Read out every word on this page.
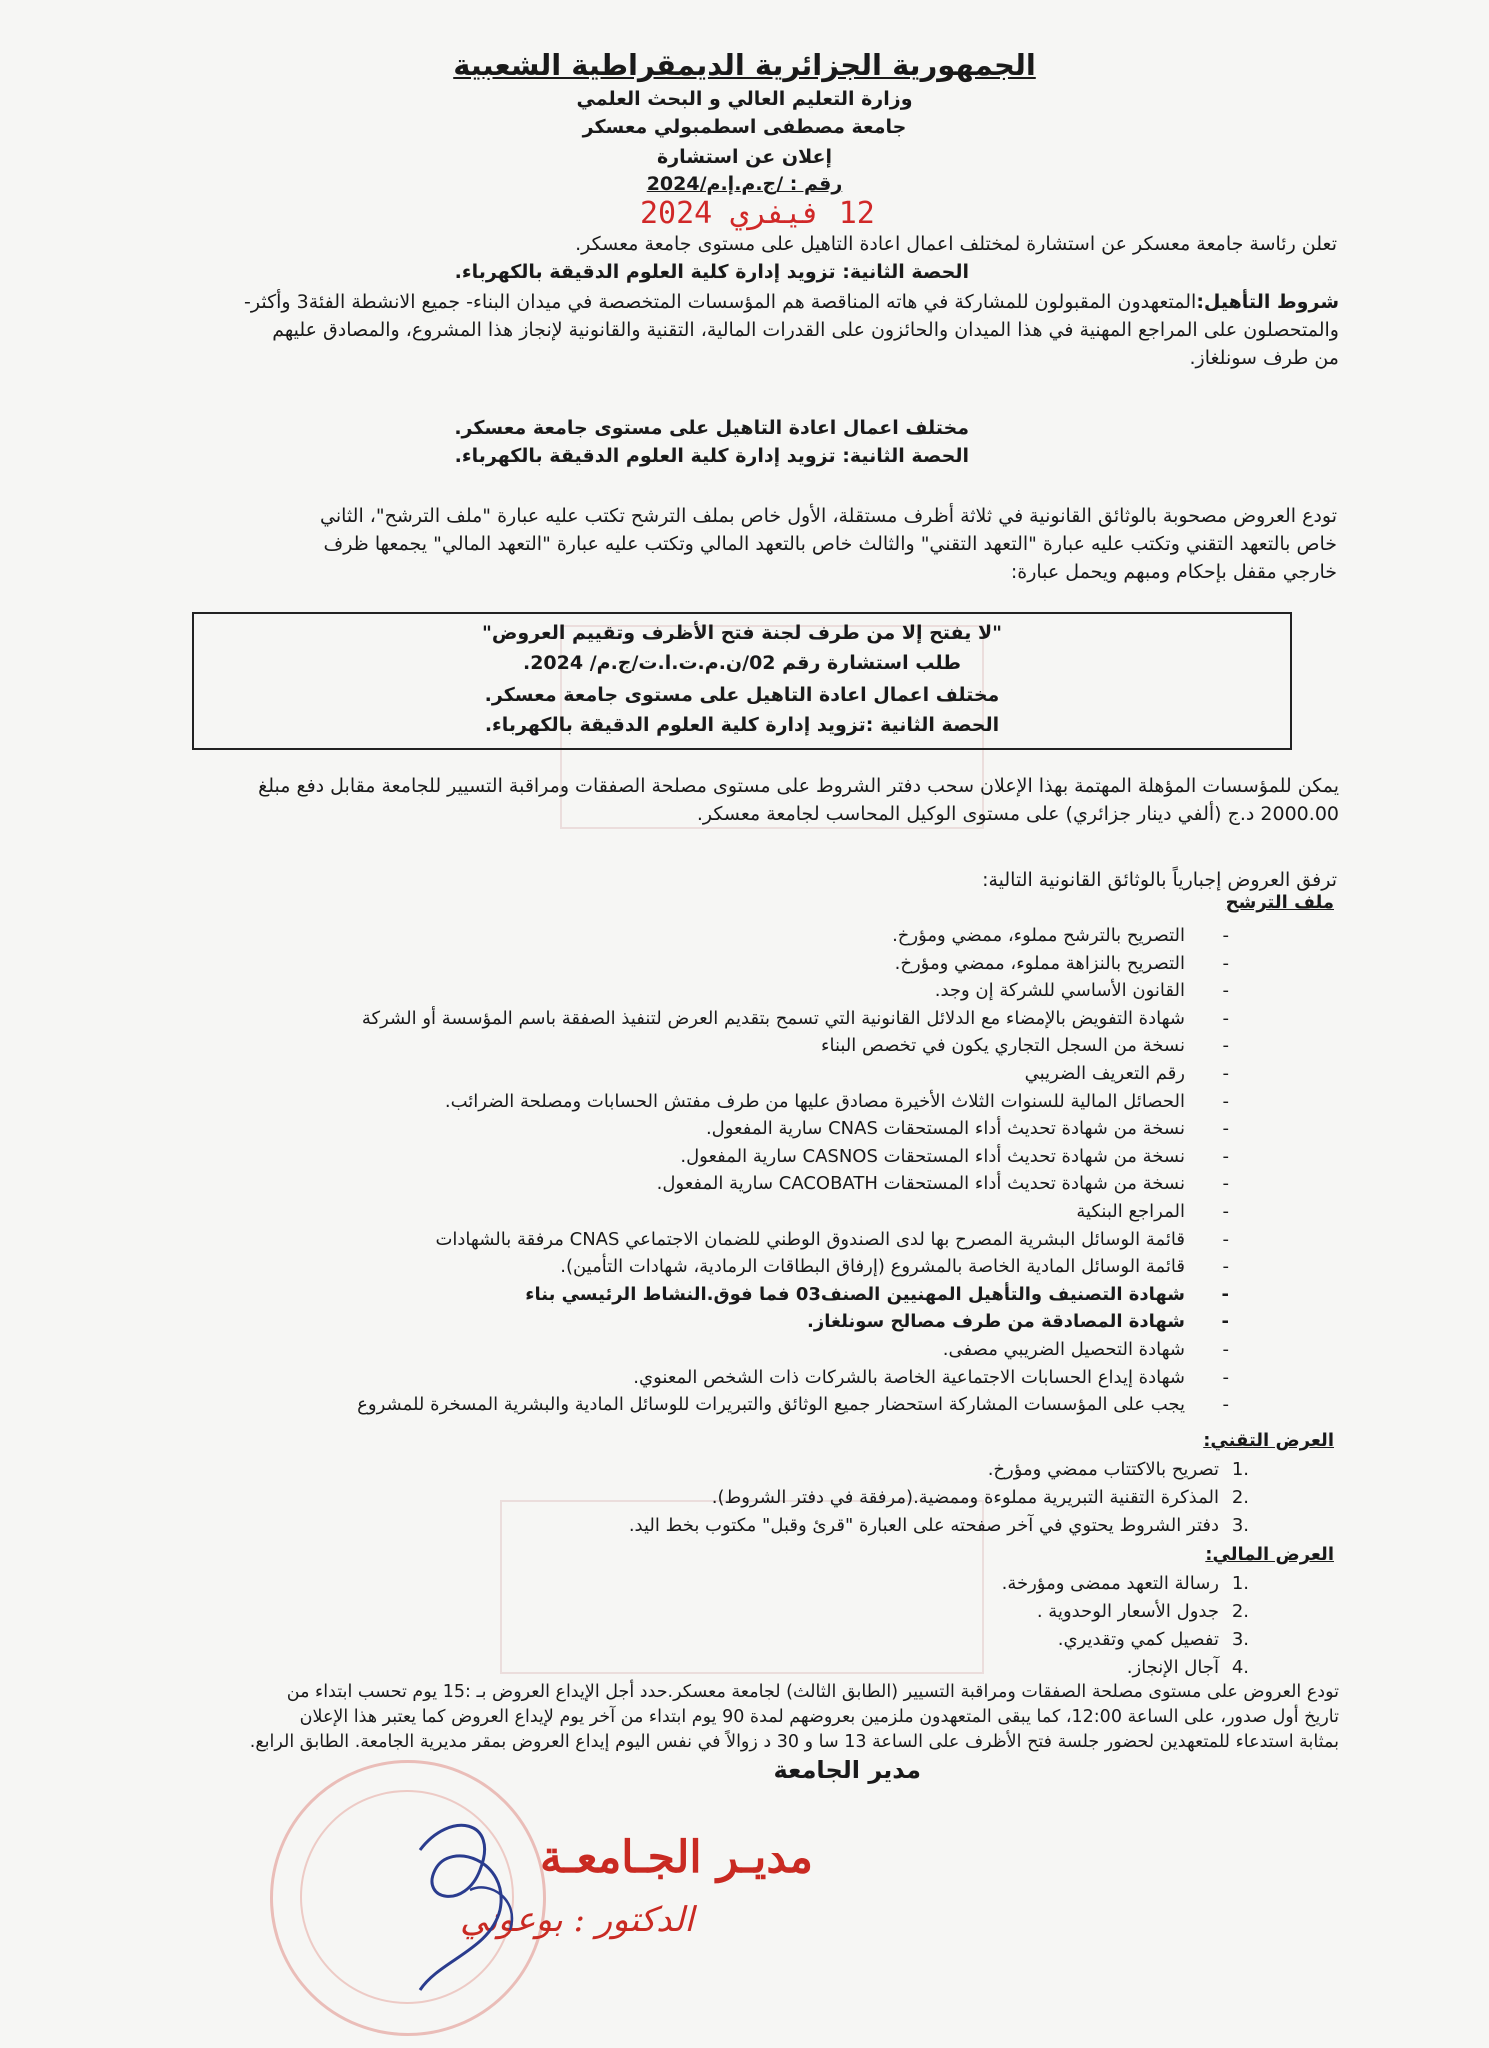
الجمهورية الجزائرية الديمقراطية الشعبية
وزارة التعليم العالي و البحث العلمي
جامعة مصطفى اسطمبولي معسكر
إعلان عن استشارة
رقم : /ج.م.إ.م/2024
12 فيفري 2024
تعلن رئاسة جامعة معسكر عن استشارة لمختلف اعمال اعادة التاهيل على مستوى جامعة معسكر.
الحصة الثانية: تزويد إدارة كلية العلوم الدقيقة بالكهرباء.
شروط التأهيل:المتعهدون المقبولون للمشاركة في هاته المناقصة هم المؤسسات المتخصصة في ميدان البناء- جميع الانشطة الفئة3 وأكثر-
والمتحصلون على المراجع المهنية في هذا الميدان والحائزون على القدرات المالية، التقنية والقانونية لإنجاز هذا المشروع، والمصادق عليهم
من طرف سونلغاز.
مختلف اعمال اعادة التاهيل على مستوى جامعة معسكر.
الحصة الثانية: تزويد إدارة كلية العلوم الدقيقة بالكهرباء.
تودع العروض مصحوبة بالوثائق القانونية في ثلاثة أظرف مستقلة، الأول خاص بملف الترشح تكتب عليه عبارة "ملف الترشح"، الثاني
خاص بالتعهد التقني وتكتب عليه عبارة "التعهد التقني" والثالث خاص بالتعهد المالي وتكتب عليه عبارة "التعهد المالي" يجمعها ظرف
خارجي مقفل بإحكام ومبهم ويحمل عبارة:
"لا يفتح إلا من طرف لجنة فتح الأظرف وتقييم العروض"
طلب استشارة رقم 02/ن.م.ت.ا.ت/ج.م/ 2024.
مختلف اعمال اعادة التاهيل على مستوى جامعة معسكر.
الحصة الثانية :تزويد إدارة كلية العلوم الدقيقة بالكهرباء.
يمكن للمؤسسات المؤهلة المهتمة بهذا الإعلان سحب دفتر الشروط على مستوى مصلحة الصفقات ومراقبة التسيير للجامعة مقابل دفع مبلغ
2000.00 د.ج (ألفي دينار جزائري) على مستوى الوكيل المحاسب لجامعة معسكر.
ترفق العروض إجبارياً بالوثائق القانونية التالية:
ملف الترشح
- التصريح بالترشح مملوء، ممضي ومؤرخ.
- التصريح بالنزاهة مملوء، ممضي ومؤرخ.
- القانون الأساسي للشركة إن وجد.
- شهادة التفويض بالإمضاء مع الدلائل القانونية التي تسمح بتقديم العرض لتنفيذ الصفقة باسم المؤسسة أو الشركة
- نسخة من السجل التجاري يكون في تخصص البناء
- رقم التعريف الضريبي
- الحصائل المالية للسنوات الثلاث الأخيرة مصادق عليها من طرف مفتش الحسابات ومصلحة الضرائب.
- نسخة من شهادة تحديث أداء المستحقات CNAS سارية المفعول.
- نسخة من شهادة تحديث أداء المستحقات CASNOS سارية المفعول.
- نسخة من شهادة تحديث أداء المستحقات CACOBATH سارية المفعول.
- المراجع البنكية
- قائمة الوسائل البشرية المصرح بها لدى الصندوق الوطني للضمان الاجتماعي CNAS مرفقة بالشهادات
- قائمة الوسائل المادية الخاصة بالمشروع (إرفاق البطاقات الرمادية، شهادات التأمين).
- شهادة التصنيف والتأهيل المهنيين الصنف03 فما فوق.النشاط الرئيسي بناء
- شهادة المصادقة من طرف مصالح سونلغاز.
- شهادة التحصيل الضريبي مصفى.
- شهادة إيداع الحسابات الاجتماعية الخاصة بالشركات ذات الشخص المعنوي.
- يجب على المؤسسات المشاركة استحضار جميع الوثائق والتبريرات للوسائل المادية والبشرية المسخرة للمشروع
العرض التقني:
.1
تصريح بالاكتتاب ممضي ومؤرخ.
.2
المذكرة التقنية التبريرية مملوءة وممضية.(مرفقة في دفتر الشروط).
.3
دفتر الشروط يحتوي في آخر صفحته على العبارة "قرئ وقبل" مكتوب بخط اليد.
العرض المالي:
.1
رسالة التعهد ممضى ومؤرخة.
.2
جدول الأسعار الوحدوية .
.3
تفصيل كمي وتقديري.
.4
آجال الإنجاز.
تودع العروض على مستوى مصلحة الصفقات ومراقبة التسيير (الطابق الثالث) لجامعة معسكر.حدد أجل الإيداع العروض بـ :15 يوم تحسب ابتداء من
تاريخ أول صدور، على الساعة 12:00، كما يبقى المتعهدون ملزمين بعروضهم لمدة 90 يوم ابتداء من آخر يوم لإيداع العروض كما يعتبر هذا الإعلان
بمثابة استدعاء للمتعهدين لحضور جلسة فتح الأظرف على الساعة 13 سا و 30 د زوالاً في نفس اليوم إيداع العروض بمقر مديرية الجامعة. الطابق الرابع.
مدير الجامعة
مديـر الجـامعـة
الدكتور : بوعوني
